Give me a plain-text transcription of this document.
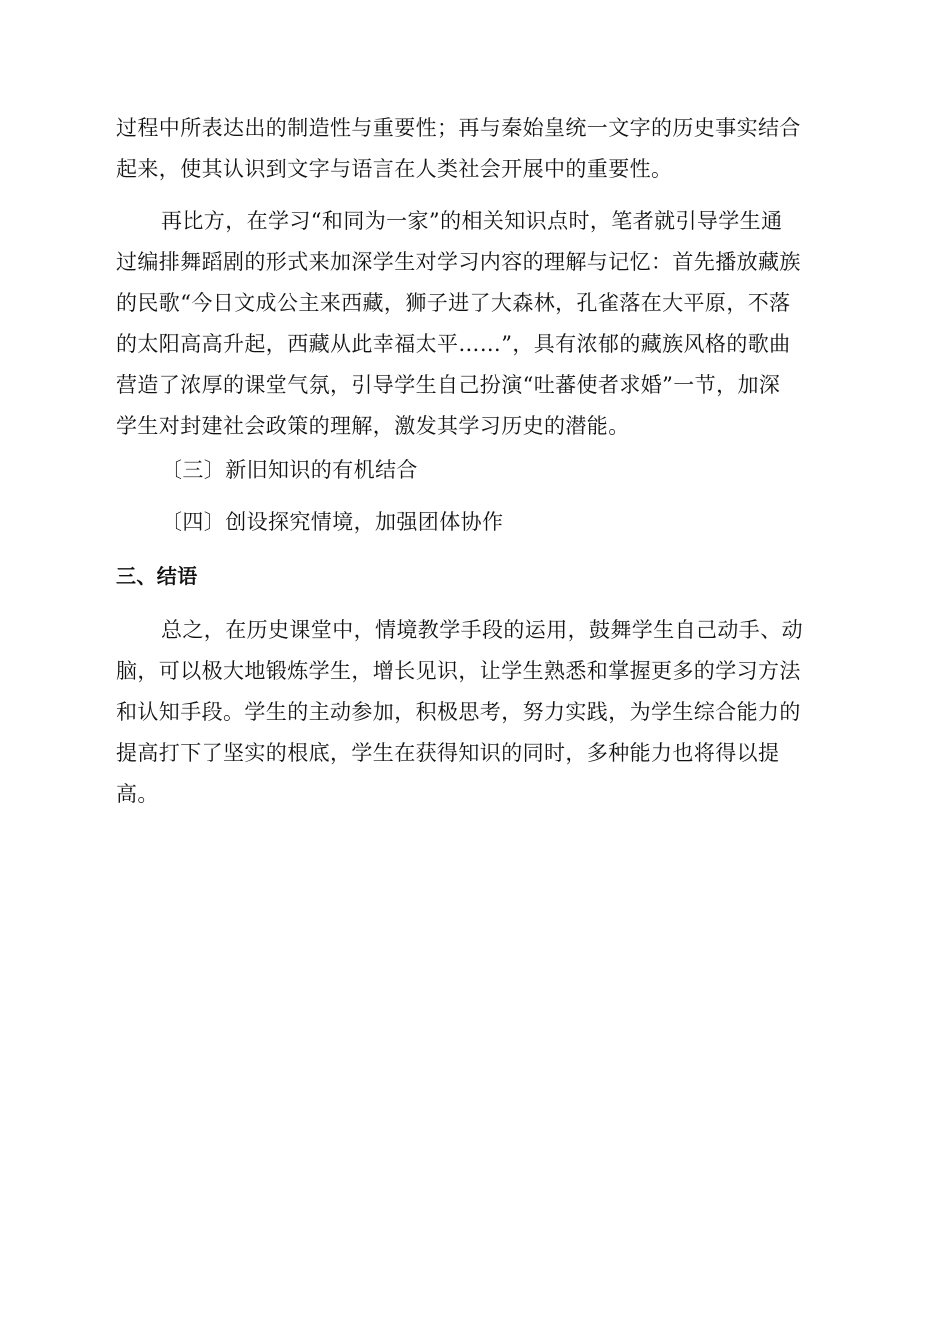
过程中所表达出的制造性与重要性；再与秦始皇统一文字的历史事实结合
起来，使其认识到文字与语言在人类社会开展中的重要性。
再比方，在学习“和同为一家”的相关知识点时，笔者就引导学生通
过编排舞蹈剧的形式来加深学生对学习内容的理解与记忆：首先播放藏族
的民歌“今日文成公主来西藏，狮子进了大森林，孔雀落在大平原，不落
的太阳高高升起，西藏从此幸福太平……”，具有浓郁的藏族风格的歌曲
营造了浓厚的课堂气氛，引导学生自己扮演“吐蕃使者求婚”一节，加深
学生对封建社会政策的理解，激发其学习历史的潜能。
〔三〕新旧知识的有机结合
〔四〕创设探究情境，加强团体协作
三、结语
总之，在历史课堂中，情境教学手段的运用，鼓舞学生自己动手、动
脑，可以极大地锻炼学生，增长见识，让学生熟悉和掌握更多的学习方法
和认知手段。学生的主动参加，积极思考，努力实践，为学生综合能力的
提高打下了坚实的根底，学生在获得知识的同时，多种能力也将得以提
高。
